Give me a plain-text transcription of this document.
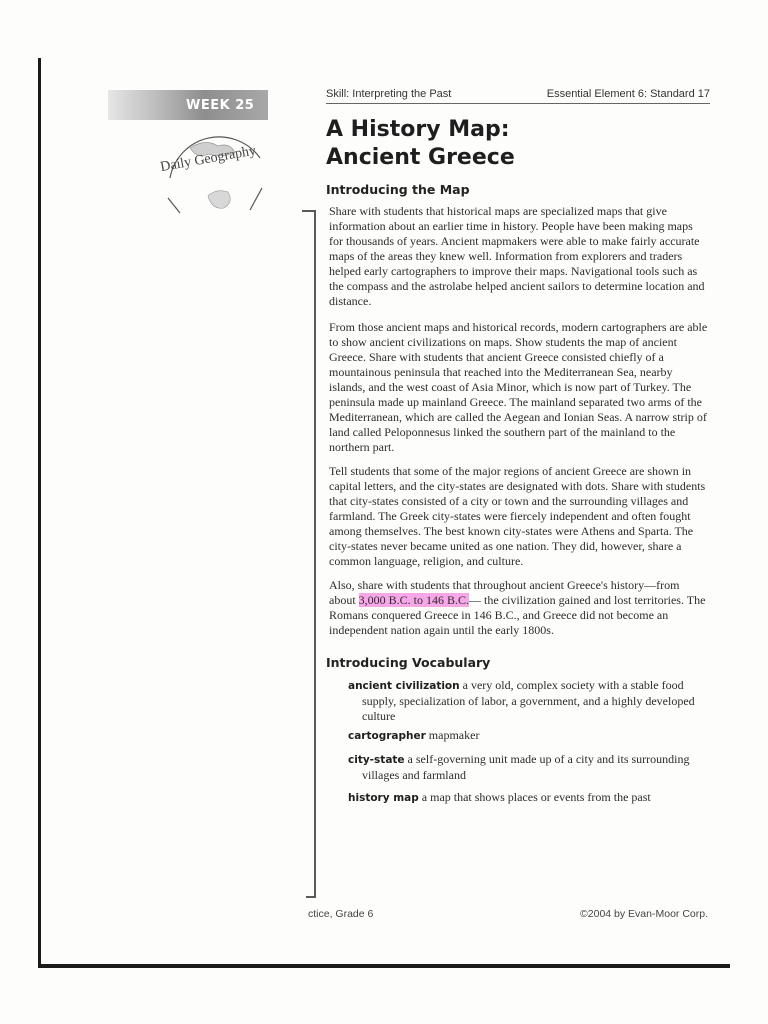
WEEK 25
Daily Geography
Skill: Interpreting the Past	Essential Element 6: Standard 17
A History Map:
Ancient Greece
Introducing the Map

Share with students that historical maps are specialized maps that give information about an earlier time in history. People have been making maps for thousands of years. Ancient mapmakers were able to make fairly accurate maps of the areas they knew well. Information from explorers and traders helped early cartographers to improve their maps. Navigational tools such as the compass and the astrolabe helped ancient sailors to determine location and distance.

From those ancient maps and historical records, modern cartographers are able to show ancient civilizations on maps. Show students the map of ancient Greece. Share with students that ancient Greece consisted chiefly of a mountainous peninsula that reached into the Mediterranean Sea, nearby islands, and the west coast of Asia Minor, which is now part of Turkey. The peninsula made up mainland Greece. The mainland separated two arms of the Mediterranean, which are called the Aegean and Ionian Seas. A narrow strip of land called Peloponnesus linked the southern part of the mainland to the northern part.

Tell students that some of the major regions of ancient Greece are shown in capital letters, and the city-states are designated with dots. Share with students that city-states consisted of a city or town and the surrounding villages and farmland. The Greek city-states were fiercely independent and often fought among themselves. The best known city-states were Athens and Sparta. The city-states never became united as one nation. They did, however, share a common language, religion, and culture.

Also, share with students that throughout ancient Greece's history—from about 3,000 B.C. to 146 B.C.— the civilization gained and lost territories. The Romans conquered Greece in 146 B.C., and Greece did not become an independent nation again until the early 1800s.

Introducing Vocabulary

ancient civilization a very old, complex society with a stable food supply, specialization of labor, a government, and a highly developed culture

cartographer mapmaker

city-state a self-governing unit made up of a city and its surrounding villages and farmland

history map a map that shows places or events from the past

ctice, Grade 6	©2004 by Evan-Moor Corp.
